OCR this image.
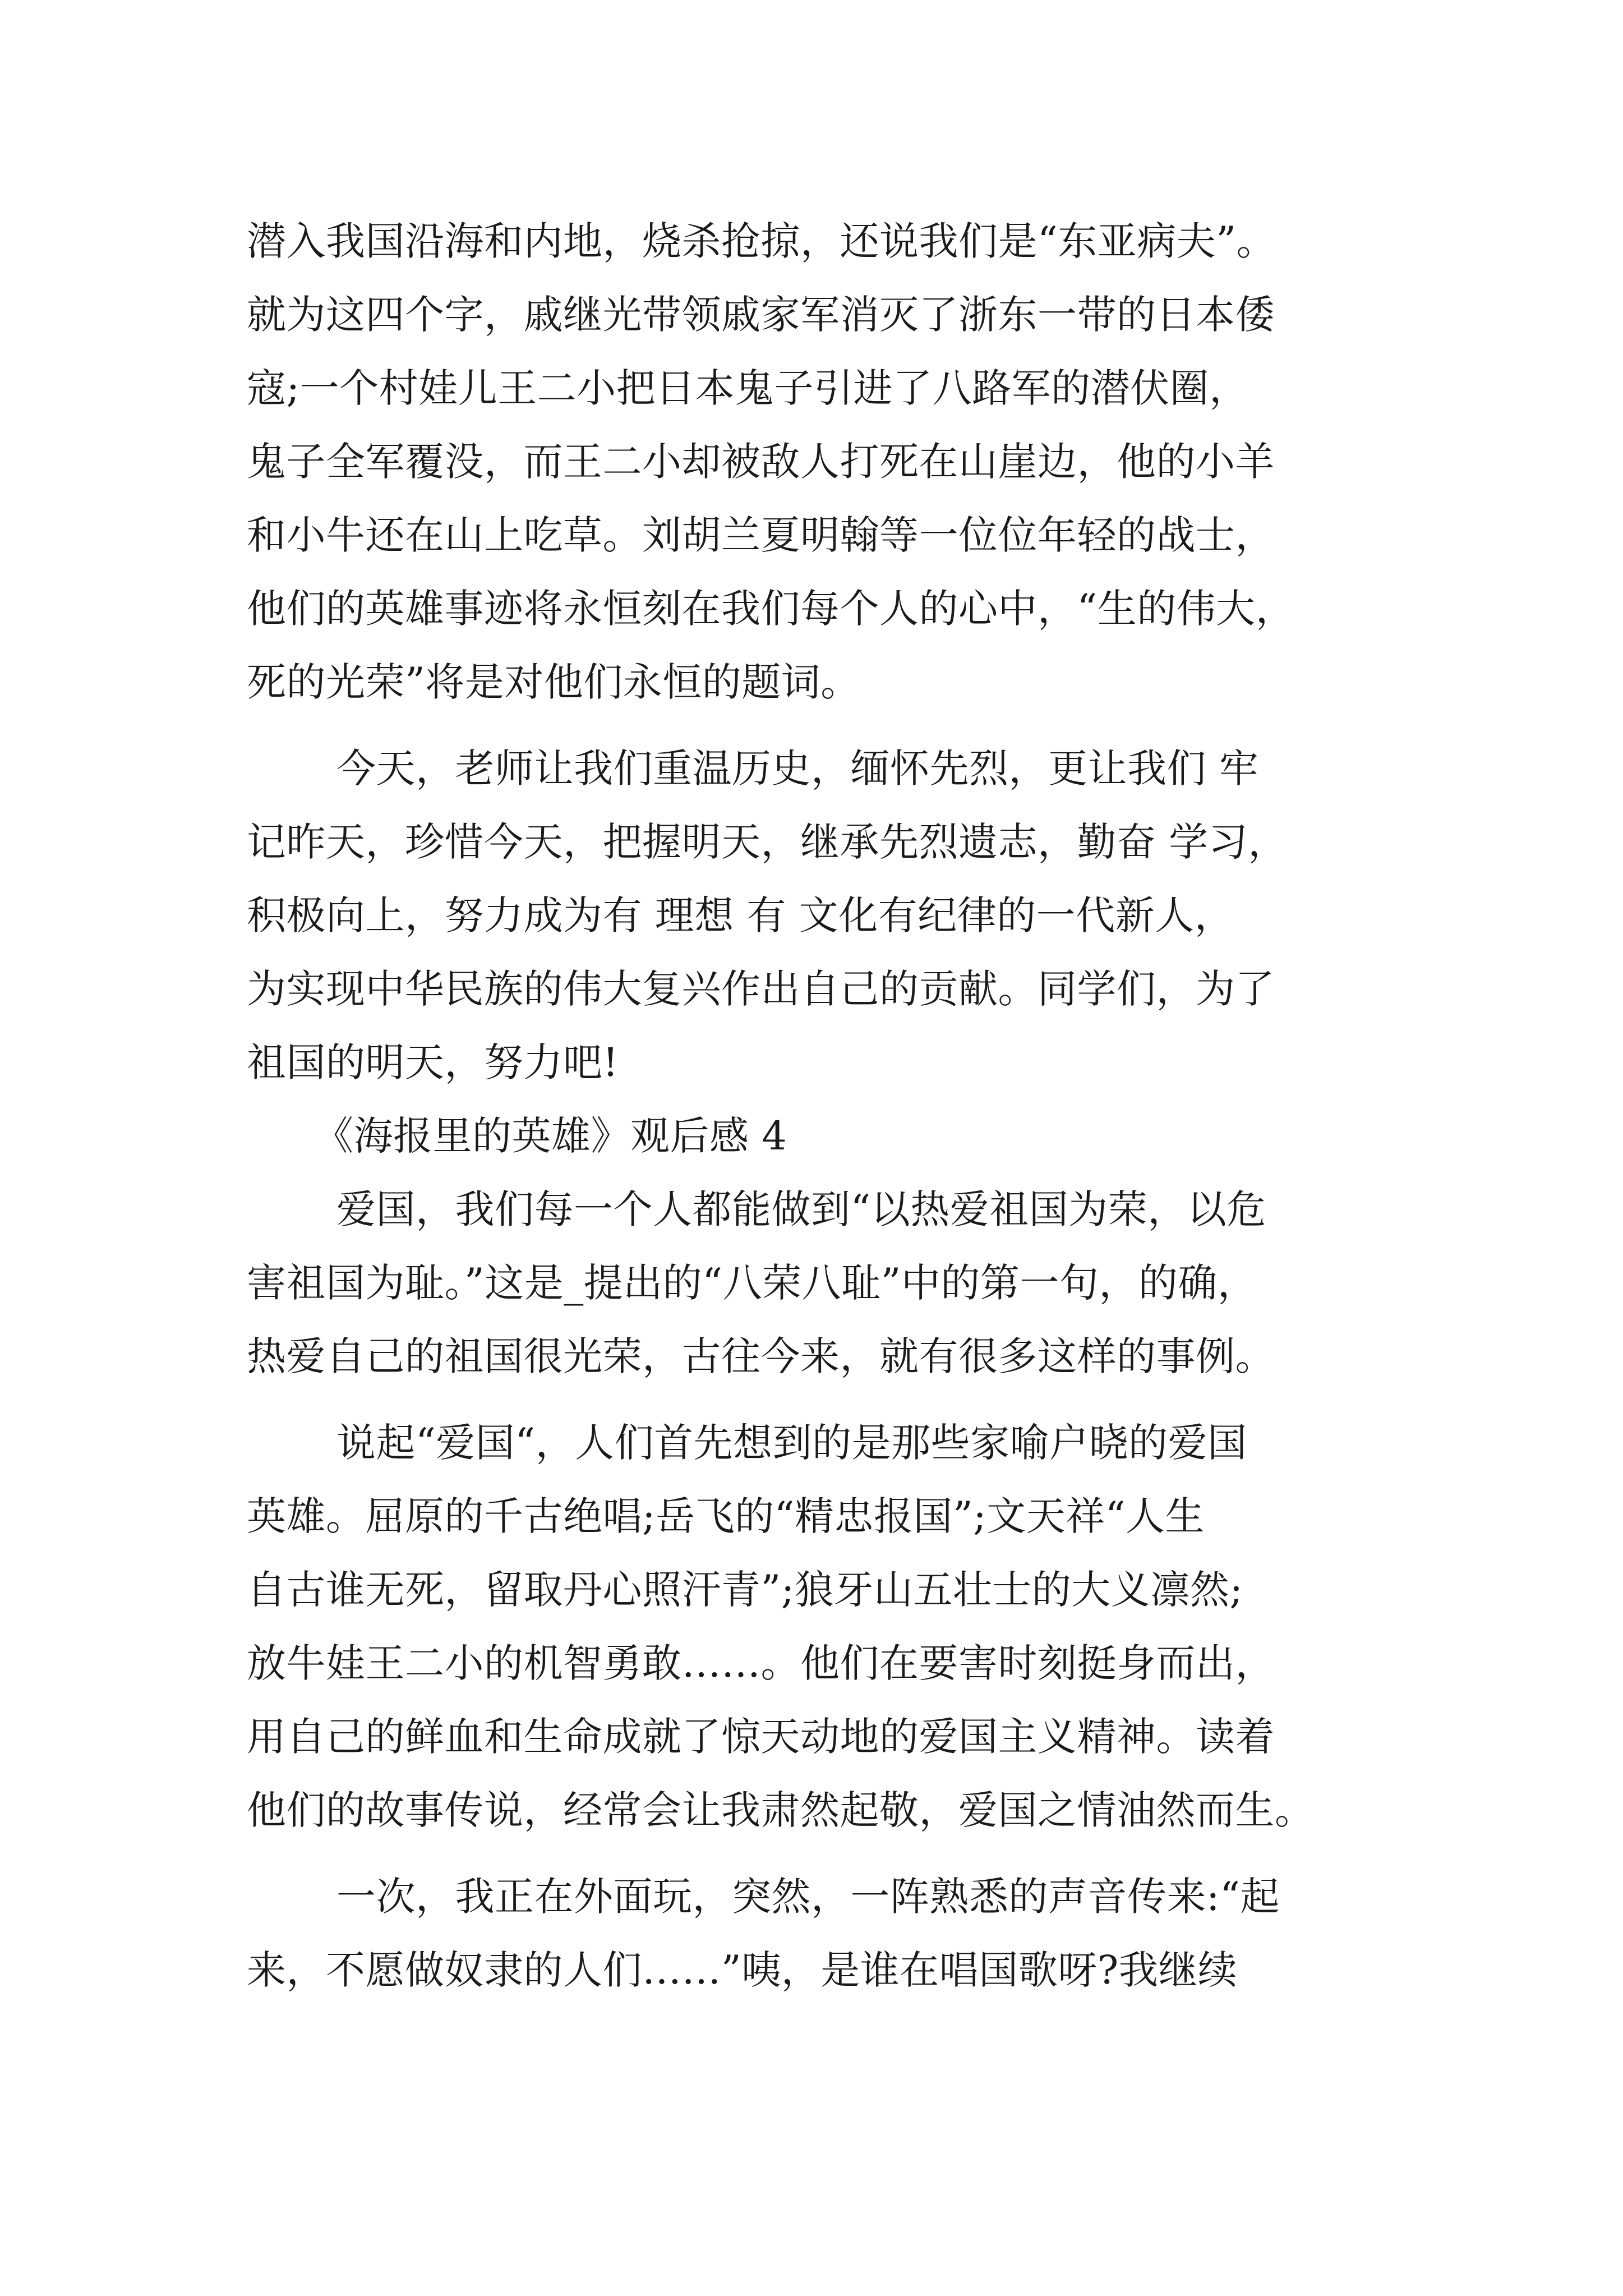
潜入我国沿海和内地，烧杀抢掠，还说我们是“东亚病夫”。
就为这四个字，戚继光带领戚家军消灭了浙东一带的日本倭
寇;一个村娃儿王二小把日本鬼子引进了八路军的潜伏圈，
鬼子全军覆没，而王二小却被敌人打死在山崖边，他的小羊
和小牛还在山上吃草。刘胡兰夏明翰等一位位年轻的战士，
他们的英雄事迹将永恒刻在我们每个人的心中，“生的伟大，
死的光荣”将是对他们永恒的题词。
今天，老师让我们重温历史，缅怀先烈，更让我们 牢
记昨天，珍惜今天，把握明天，继承先烈遗志，勤奋 学习，
积极向上，努力成为有 理想 有 文化有纪律的一代新人，
为实现中华民族的伟大复兴作出自己的贡献。同学们，为了
祖国的明天，努力吧!
《海报里的英雄》观后感 4
爱国，我们每一个人都能做到“以热爱祖国为荣，以危
害祖国为耻。”这是_提出的“八荣八耻”中的第一句，的确，
热爱自己的祖国很光荣，古往今来，就有很多这样的事例。
说起“爱国“，人们首先想到的是那些家喻户晓的爱国
英雄。屈原的千古绝唱;岳飞的“精忠报国”;文天祥“人生
自古谁无死，留取丹心照汗青”;狼牙山五壮士的大义凛然;
放牛娃王二小的机智勇敢……。他们在要害时刻挺身而出，
用自己的鲜血和生命成就了惊天动地的爱国主义精神。读着
他们的故事传说，经常会让我肃然起敬，爱国之情油然而生。
一次，我正在外面玩，突然，一阵熟悉的声音传来:“起
来，不愿做奴隶的人们……”咦，是谁在唱国歌呀?我继续
